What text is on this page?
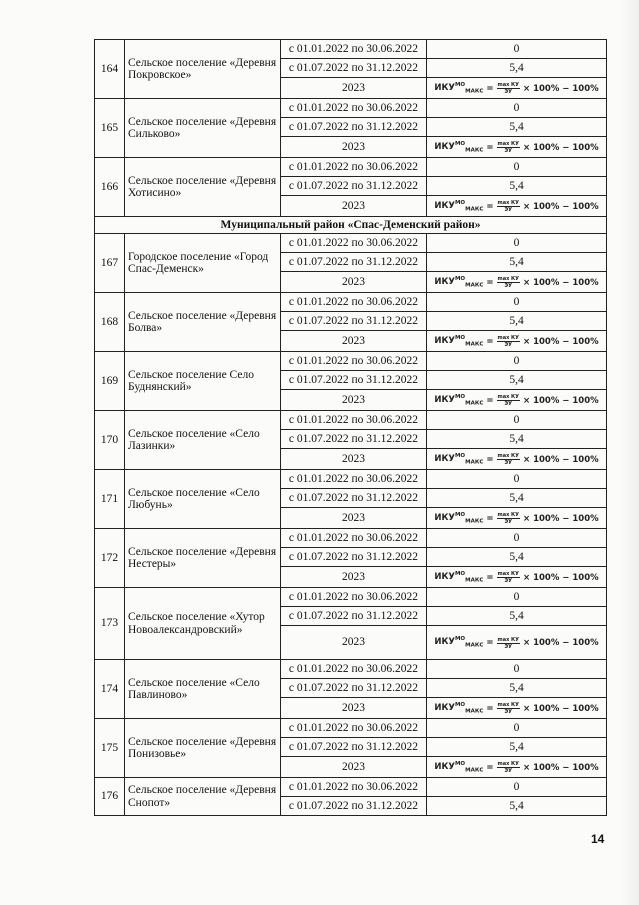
164	Сельское поселение «Деревня Покровское»	с 01.01.2022 по 30.06.2022	0
		с 01.07.2022 по 31.12.2022	5,4
		2023	$ИКУ^{МО}_{МАКС} = \frac{\text{max КУ}}{ЭУ} \times 100\% - 100\%$

165	Сельское поселение «Деревня Сильково»	с 01.01.2022 по 30.06.2022	0
		с 01.07.2022 по 31.12.2022	5,4
		2023	$ИКУ^{МО}_{МАКС} = \frac{\text{max КУ}}{ЭУ} \times 100\% - 100\%$

166	Сельское поселение «Деревня Хотисино»	с 01.01.2022 по 30.06.2022	0
		с 01.07.2022 по 31.12.2022	5,4
		2023	$ИКУ^{МО}_{МАКС} = \frac{\text{max КУ}}{ЭУ} \times 100\% - 100\%$

Муниципальный район «Спас-Деменский район»			
167	Городское поселение «Город Спас-Деменск»	с 01.01.2022 по 30.06.2022	0
		с 01.07.2022 по 31.12.2022	5,4
		2023	$ИКУ^{МО}_{МАКС} = \frac{\text{max КУ}}{ЭУ} \times 100\% - 100\%$

168	Сельское поселение «Деревня Болва»	с 01.01.2022 по 30.06.2022	0
		с 01.07.2022 по 31.12.2022	5,4
		2023	$ИКУ^{МО}_{МАКС} = \frac{\text{max КУ}}{ЭУ} \times 100\% - 100\%$

169	Сельское поселение Село Буднянский»	с 01.01.2022 по 30.06.2022	0
		с 01.07.2022 по 31.12.2022	5,4
		2023	$ИКУ^{МО}_{МАКС} = \frac{\text{max КУ}}{ЭУ} \times 100\% - 100\%$

170	Сельское поселение «Село Лазинки»	с 01.01.2022 по 30.06.2022	0
		с 01.07.2022 по 31.12.2022	5,4
		2023	$ИКУ^{МО}_{МАКС} = \frac{\text{max КУ}}{ЭУ} \times 100\% - 100\%$

171	Сельское поселение «Село Любунь»	с 01.01.2022 по 30.06.2022	0
		с 01.07.2022 по 31.12.2022	5,4
		2023	$ИКУ^{МО}_{МАКС} = \frac{\text{max КУ}}{ЭУ} \times 100\% - 100\%$

172	Сельское поселение «Деревня Нестеры»	с 01.01.2022 по 30.06.2022	0
		с 01.07.2022 по 31.12.2022	5,4
		2023	$ИКУ^{МО}_{МАКС} = \frac{\text{max КУ}}{ЭУ} \times 100\% - 100\%$

173	Сельское поселение «Хутор Новоалександровский»	с 01.01.2022 по 30.06.2022	0
		с 01.07.2022 по 31.12.2022	5,4
		2023	$ИКУ^{МО}_{МАКС} = \frac{\text{max КУ}}{ЭУ} \times 100\% - 100\%$

174	Сельское поселение «Село Павлиново»	с 01.01.2022 по 30.06.2022	0
		с 01.07.2022 по 31.12.2022	5,4
		2023	$ИКУ^{МО}_{МАКС} = \frac{\text{max КУ}}{ЭУ} \times 100\% - 100\%$

175	Сельское поселение «Деревня Понизовье»	с 01.01.2022 по 30.06.2022	0
		с 01.07.2022 по 31.12.2022	5,4
		2023	$ИКУ^{МО}_{МАКС} = \frac{\text{max КУ}}{ЭУ} \times 100\% - 100\%$

176	Сельское поселение «Деревня Снопот»	с 01.01.2022 по 30.06.2022	0
		с 01.07.2022 по 31.12.2022	5,4
14
